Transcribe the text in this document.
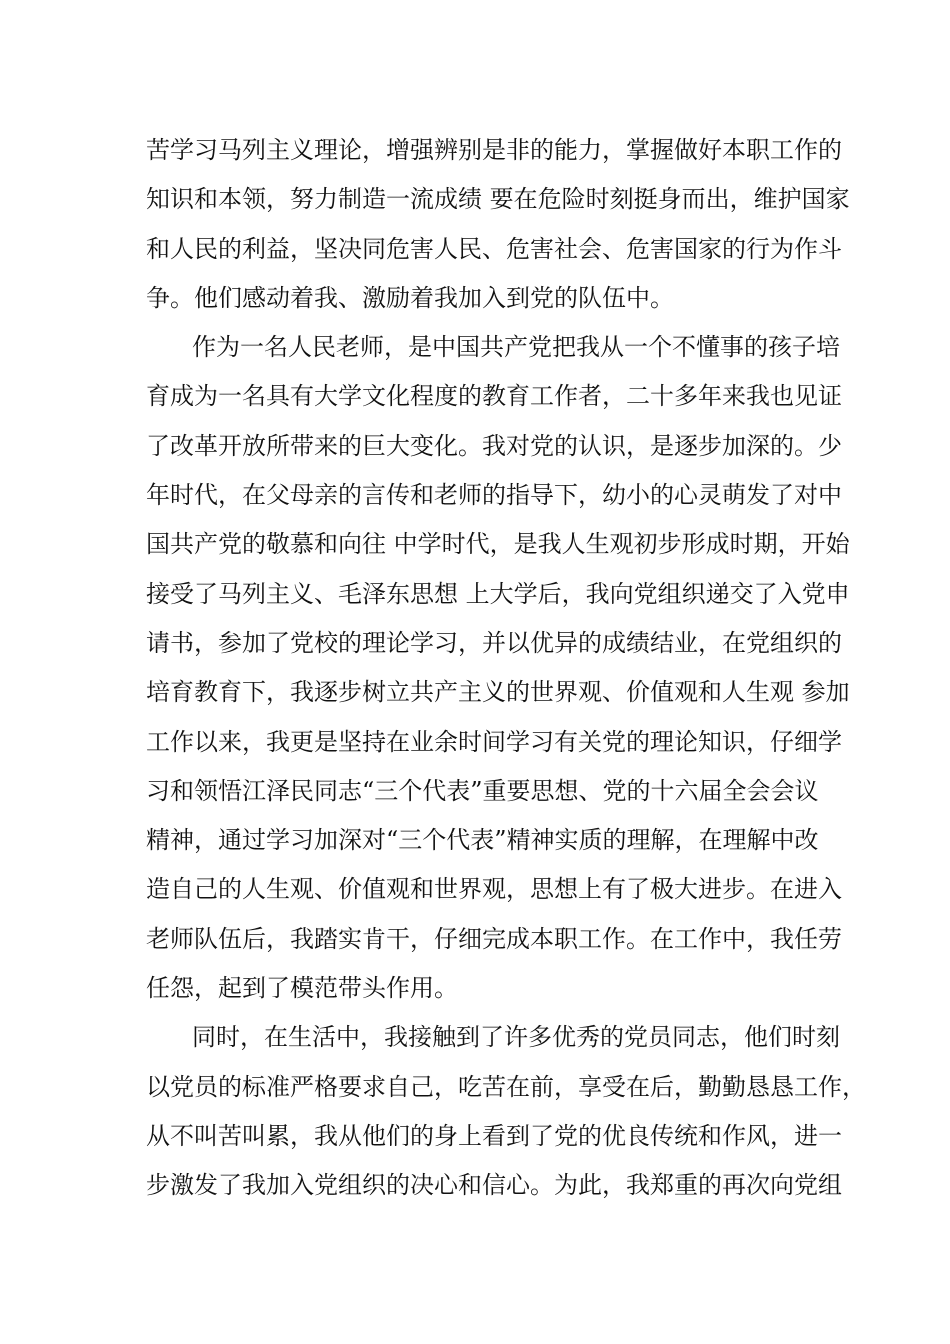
苦学习马列主义理论，增强辨别是非的能力，掌握做好本职工作的
知识和本领，努力制造一流成绩 要在危险时刻挺身而出，维护国家
和人民的利益，坚决同危害人民、危害社会、危害国家的行为作斗
争。他们感动着我、激励着我加入到党的队伍中。
作为一名人民老师，是中国共产党把我从一个不懂事的孩子培
育成为一名具有大学文化程度的教育工作者，二十多年来我也见证
了改革开放所带来的巨大变化。我对党的认识，是逐步加深的。少
年时代，在父母亲的言传和老师的指导下，幼小的心灵萌发了对中
国共产党的敬慕和向往 中学时代，是我人生观初步形成时期，开始
接受了马列主义、毛泽东思想 上大学后，我向党组织递交了入党申
请书，参加了党校的理论学习，并以优异的成绩结业，在党组织的
培育教育下，我逐步树立共产主义的世界观、价值观和人生观 参加
工作以来，我更是坚持在业余时间学习有关党的理论知识，仔细学
习和领悟江泽民同志“三个代表”重要思想、党的十六届全会会议
精神，通过学习加深对“三个代表”精神实质的理解，在理解中改
造自己的人生观、价值观和世界观，思想上有了极大进步。在进入
老师队伍后，我踏实肯干，仔细完成本职工作。在工作中，我任劳
任怨，起到了模范带头作用。
同时，在生活中，我接触到了许多优秀的党员同志，他们时刻
以党员的标准严格要求自己，吃苦在前，享受在后，勤勤恳恳工作，
从不叫苦叫累，我从他们的身上看到了党的优良传统和作风，进一
步激发了我加入党组织的决心和信心。为此，我郑重的再次向党组
